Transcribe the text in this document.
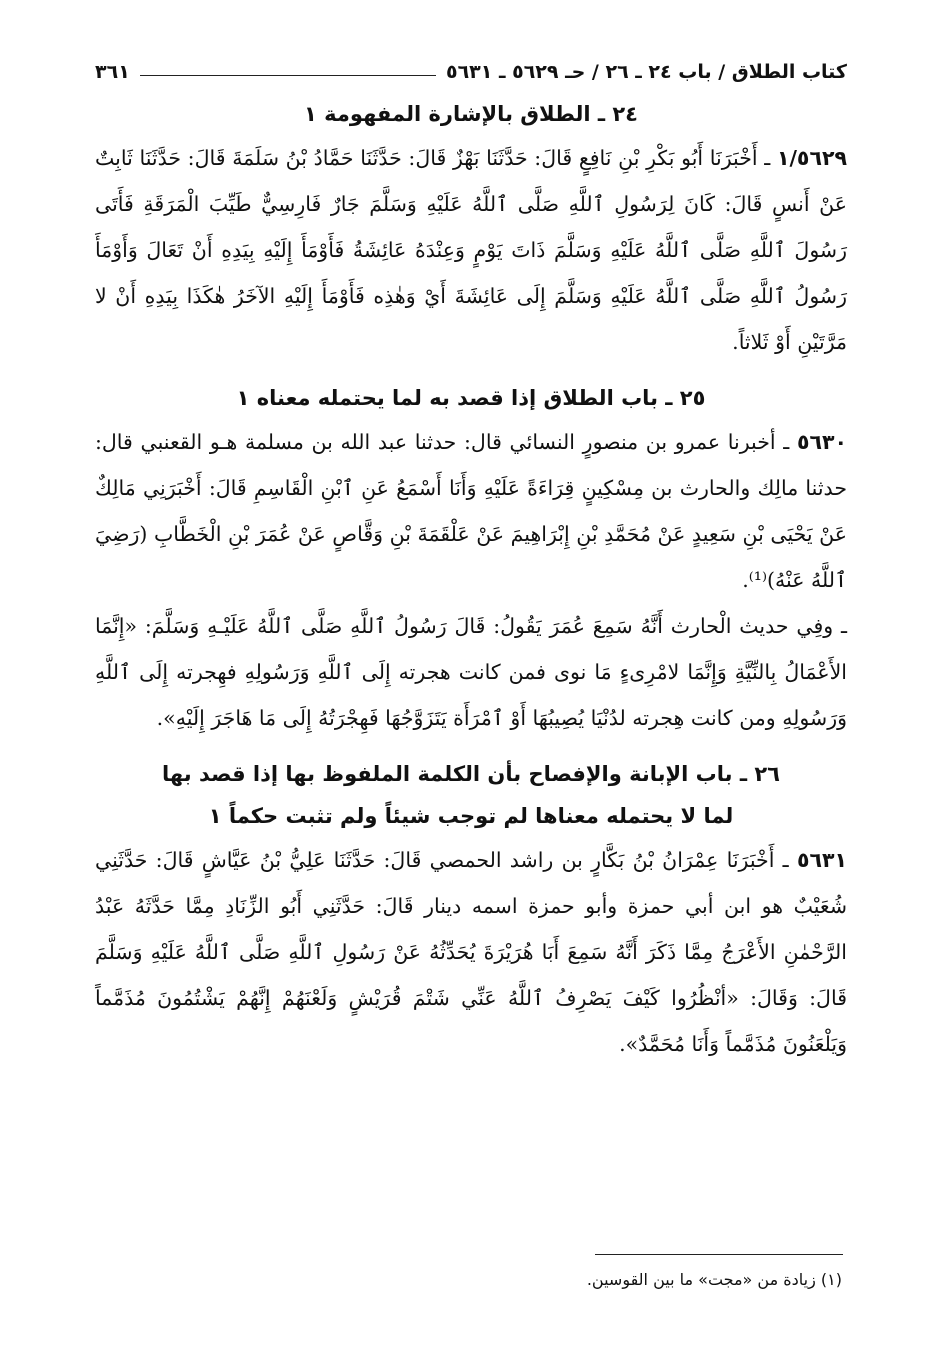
كتاب الطلاق / باب ٢٤ ـ ٢٦ / حـ ٥٦٢٩ ـ ٥٦٣١
٣٦١
٢٤ ـ الطلاق بالإشارة المفهومة ١

١/٥٦٢٩ ـ أَخْبَرَنَا أَبُو بَكْرِ بْنِ نَافِعٍ قَالَ: حَدَّثَنَا بَهْزٌ قَالَ: حَدَّثَنَا حَمَّادُ بْنُ سَلَمَةَ قَالَ: حَدَّثَنَا ثَابِتٌ عَنْ أَنسٍ قَالَ: كَانَ لِرَسُولِ ٱللَّهِ صَلَّى ٱللَّهُ عَلَيْهِ وَسَلَّمَ جَارٌ فَارِسِيٌّ طَيِّبَ الْمَرَقَةِ فَأَتَى رَسُولَ ٱللَّهِ صَلَّى ٱللَّهُ عَلَيْهِ وَسَلَّمَ ذَاتَ يَوْمٍ وَعِنْدَهُ عَائِشَةُ فَأَوْمَأَ إِلَيْهِ بِيَدِهِ أَنْ تَعَالَ وَأَوْمَأَ رَسُولُ ٱللَّهِ صَلَّى ٱللَّهُ عَلَيْهِ وَسَلَّمَ إِلَى عَائِشَةَ أَيْ وَهٰذِه فَأَوْمَأَ إِلَيْهِ الآخَرُ هٰكَذَا بِيَدِهِ أَنْ لا مَرَّتَيْنِ أَوْ ثَلاثاً.

٢٥ ـ باب الطلاق إذا قصد به لما يحتمله معناه ١

٥٦٣٠ ـ أخبرنا عمرو بن منصورٍ النسائي قال: حدثنا عبد الله بن مسلمة هـو القعنبي قال: حدثنا مالِك والحارث بن مِسْكِينٍ قِرَاءَةً عَلَيْهِ وَأَنَا أَسْمَعُ عَنِ ٱبْنِ الْقَاسِمِ قَالَ: أَخْبَرَنِي مَالِكٌ عَنْ يَحْيَى بْنِ سَعِيدٍ عَنْ مُحَمَّدِ بْنِ إِبْرَاهِيمَ عَنْ عَلْقَمَةَ بْنِ وَقَّاصٍ عَنْ عُمَرَ بْنِ الْخَطَّابِ (رَضِيَ ٱللَّهُ عَنْهُ)⁽¹⁾.

ـ وفِي حديث الْحارث أَنَّهُ سَمِعَ عُمَرَ يَقُولُ: قَالَ رَسُولُ ٱللَّهِ صَلَّى ٱللَّهُ عَلَيْـهِ وَسَلَّمَ: «إِنَّمَا الأَعْمَالُ بِالنِّيَّةِ وَإِنَّمَا لامْرِىءٍ مَا نوى فمن كانت هجرته إِلَى ٱللَّهِ وَرَسُولِهِ فهِجرته إِلَى ٱللَّهِ وَرَسُولِهِ ومن كانت هِجرته لدُنْيَا يُصِيبُهَا أَوْ ٱمْرَأَة يَتَزَوَّجُهَا فَهِجْرَتُهُ إِلَى مَا هَاجَرَ إِلَيْهِ».

٢٦ ـ باب الإبانة والإفصاح بأن الكلمة الملفوظ بها إذا قصد بها
لما لا يحتمله معناها لم توجب شيئاً ولم تثبت حكماً ١

٥٦٣١ ـ أَخْبَرَنَا عِمْرَانُ بْنُ بَكَّارٍ بن راشد الحمصي قَالَ: حَدَّثَنَا عَلِيُّ بْنُ عَيَّاشٍ قَالَ: حَدَّثَنِي شُعَيْبٌ هو ابن أبي حمزة وأبو حمزة اسمه دينار قَالَ: حَدَّثَنِي أَبُو الزِّنَادِ مِمَّا حَدَّثَهُ عَبْدُ الرَّحْمٰنِ الأَعْرَجُ مِمَّا ذَكَرَ أَنَّهُ سَمِعَ أَبَا هُرَيْرَةَ يُحَدِّثُهُ عَنْ رَسُولِ ٱللَّهِ صَلَّى ٱللَّهُ عَلَيْهِ وَسَلَّمَ قَالَ: وَقَالَ: «أنْظُرُوا كَيْفَ يَصْرِفُ ٱللَّهُ عَنِّي شَتْمَ قُرَيْشٍ وَلَعْنَهُمْ إِنَّهُمْ يَشْتُمُونَ مُذَمَّماً وَيَلْعَنُونَ مُذَمَّماً وَأَنَا مُحَمَّدٌ».

(١) زيادة من «مجت» ما بين القوسين.
